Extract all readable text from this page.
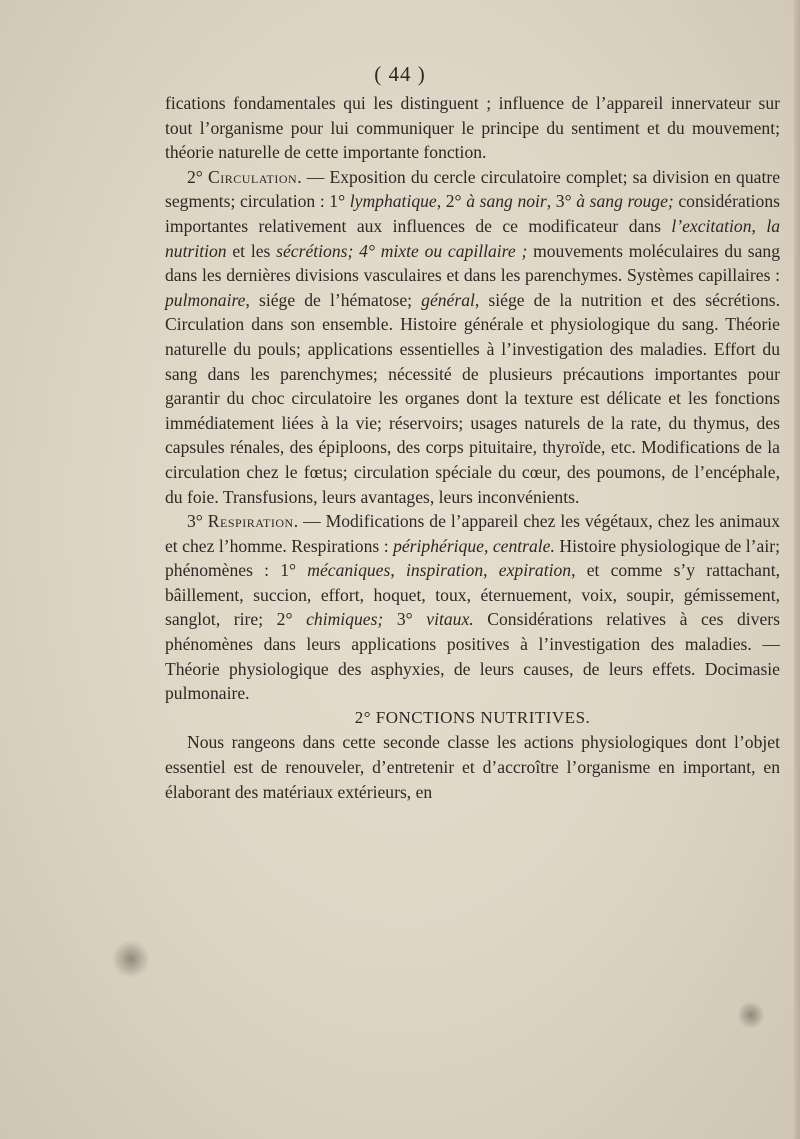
( 44 )

fications fondamentales qui les distinguent ; influence de l’appareil innervateur sur tout l’organisme pour lui communiquer le principe du sentiment et du mouvement; théorie naturelle de cette importante fonction.

2° Circulation. — Exposition du cercle circulatoire complet; sa division en quatre segments; circulation : 1° lymphatique, 2° à sang noir, 3° à sang rouge; considérations importantes relativement aux influences de ce modificateur dans l’excitation, la nutrition et les sécrétions; 4° mixte ou capillaire ; mouvements moléculaires du sang dans les dernières divisions vasculaires et dans les parenchymes. Systèmes capillaires : pulmonaire, siége de l’hématose; général, siége de la nutrition et des sécrétions. Circulation dans son ensemble. Histoire générale et physiologique du sang. Théorie naturelle du pouls; applications essentielles à l’investigation des maladies. Effort du sang dans les parenchymes; nécessité de plusieurs précautions importantes pour garantir du choc circulatoire les organes dont la texture est délicate et les fonctions immédiatement liées à la vie; réservoirs; usages naturels de la rate, du thymus, des capsules rénales, des épiploons, des corps pituitaire, thyroïde, etc. Modifications de la circulation chez le fœtus; circulation spéciale du cœur, des poumons, de l’encéphale, du foie. Transfusions, leurs avantages, leurs inconvénients.

3° Respiration. — Modifications de l’appareil chez les végétaux, chez les animaux et chez l’homme. Respirations : périphérique, centrale. Histoire physiologique de l’air; phénomènes : 1° mécaniques, inspiration, expiration, et comme s’y rattachant, bâillement, succion, effort, hoquet, toux, éternuement, voix, soupir, gémissement, sanglot, rire; 2° chimiques; 3° vitaux. Considérations relatives à ces divers phénomènes dans leurs applications positives à l’investigation des maladies. — Théorie physiologique des asphyxies, de leurs causes, de leurs effets. Docimasie pulmonaire.

2° FONCTIONS NUTRITIVES.

Nous rangeons dans cette seconde classe les actions physiologiques dont l’objet essentiel est de renouveler, d’entretenir et d’accroître l’organisme en important, en élaborant des matériaux extérieurs, en
